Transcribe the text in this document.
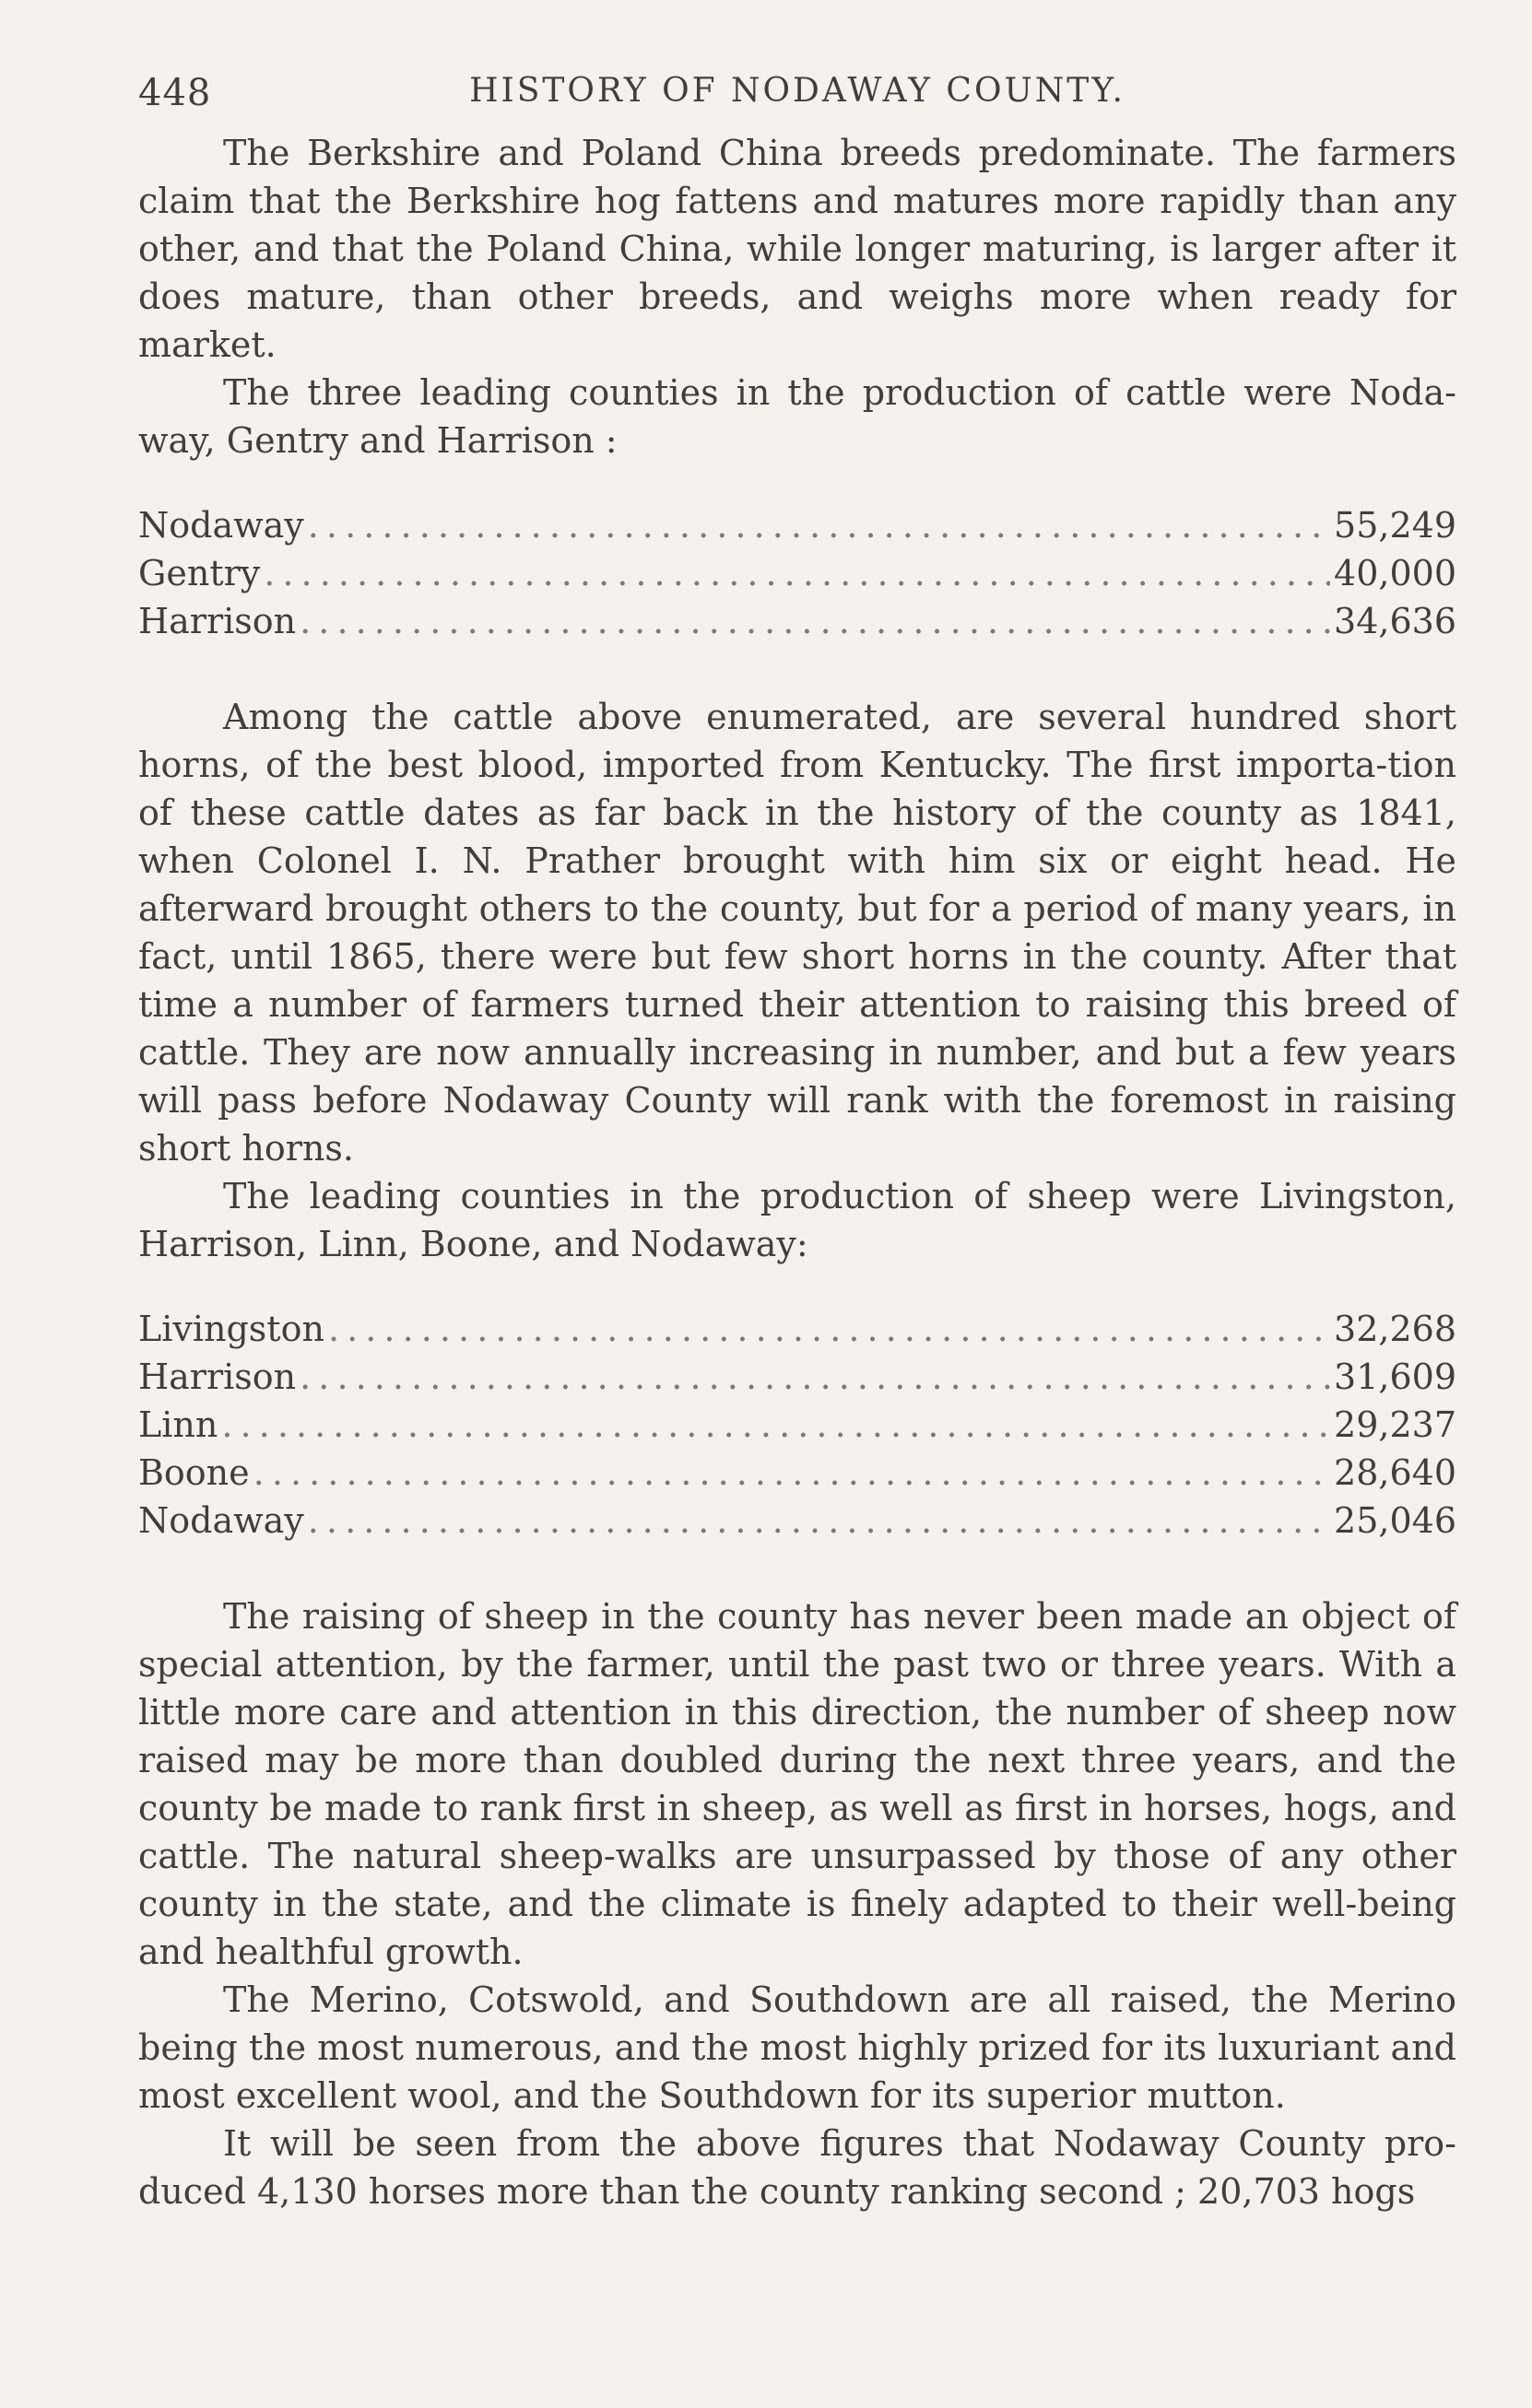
448	HISTORY OF NODAWAY COUNTY.

The Berkshire and Poland China breeds predominate. The farmers claim that the Berkshire hog fattens and matures more rapidly than any other, and that the Poland China, while longer maturing, is larger after it does mature, than other breeds, and weighs more when ready for market.

The three leading counties in the production of cattle were Noda-way, Gentry and Harrison :

Nodaway . . .	55,249
Gentry . . .	40,000
Harrison . . .	34,636

Among the cattle above enumerated, are several hundred short horns, of the best blood, imported from Kentucky. The first importa-tion of these cattle dates as far back in the history of the county as 1841, when Colonel I. N. Prather brought with him six or eight head. He afterward brought others to the county, but for a period of many years, in fact, until 1865, there were but few short horns in the county. After that time a number of farmers turned their attention to raising this breed of cattle. They are now annually increasing in number, and but a few years will pass before Nodaway County will rank with the foremost in raising short horns.

The leading counties in the production of sheep were Livingston, Harrison, Linn, Boone, and Nodaway:

Livingston . . .	32,268
Harrison . . .	31,609
Linn . . .	29,237
Boone . . .	28,640
Nodaway . . .	25,046

The raising of sheep in the county has never been made an object of special attention, by the farmer, until the past two or three years. With a little more care and attention in this direction, the number of sheep now raised may be more than doubled during the next three years, and the county be made to rank first in sheep, as well as first in horses, hogs, and cattle. The natural sheep-walks are unsurpassed by those of any other county in the state, and the climate is finely adapted to their well-being and healthful growth.

The Merino, Cotswold, and Southdown are all raised, the Merino being the most numerous, and the most highly prized for its luxuriant and most excellent wool, and the Southdown for its superior mutton.

It will be seen from the above figures that Nodaway County pro-duced 4,130 horses more than the county ranking second ; 20,703 hogs
